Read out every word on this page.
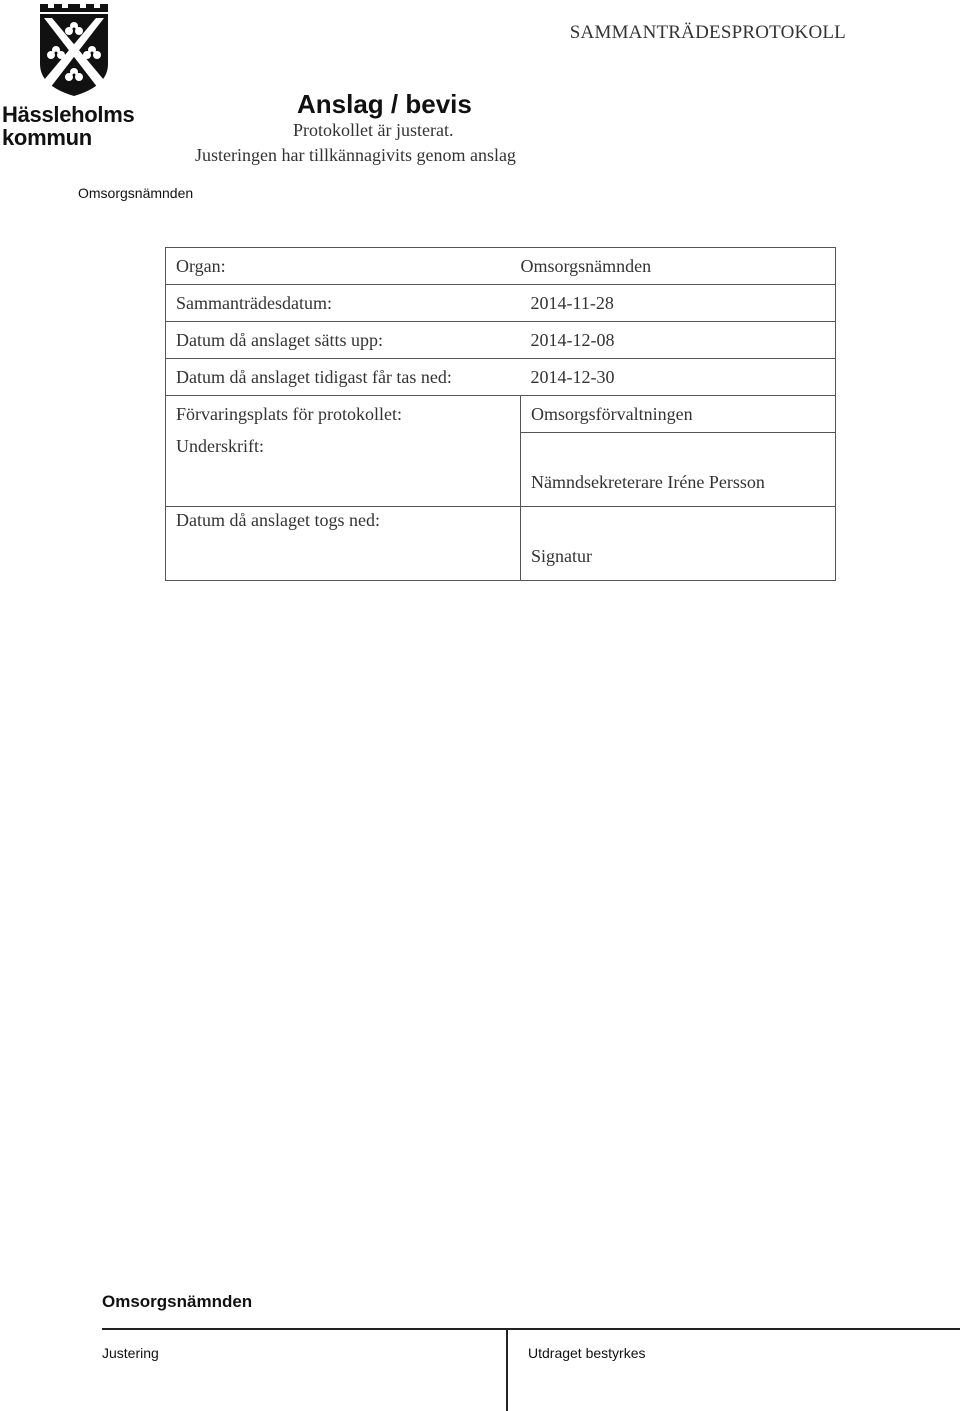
Hässleholms
kommun
SAMMANTRÄDESPROTOKOLL
Anslag / bevis
Protokollet är justerat.
Justeringen har tillkännagivits genom anslag
Omsorgsnämnden
Organ:	Omsorgsnämnden
Sammanträdesdatum:	2014-11-28
Datum då anslaget sätts upp:	2014-12-08
Datum då anslaget tidigast får tas ned:	2014-12-30
Förvaringsplats för protokollet:	Omsorgsförvaltningen

Underskrift:	Nämndsekreterare Iréne Persson

Datum då anslaget togs ned:	Signatur
Omsorgsnämnden
Justering	Utdraget bestyrkes
